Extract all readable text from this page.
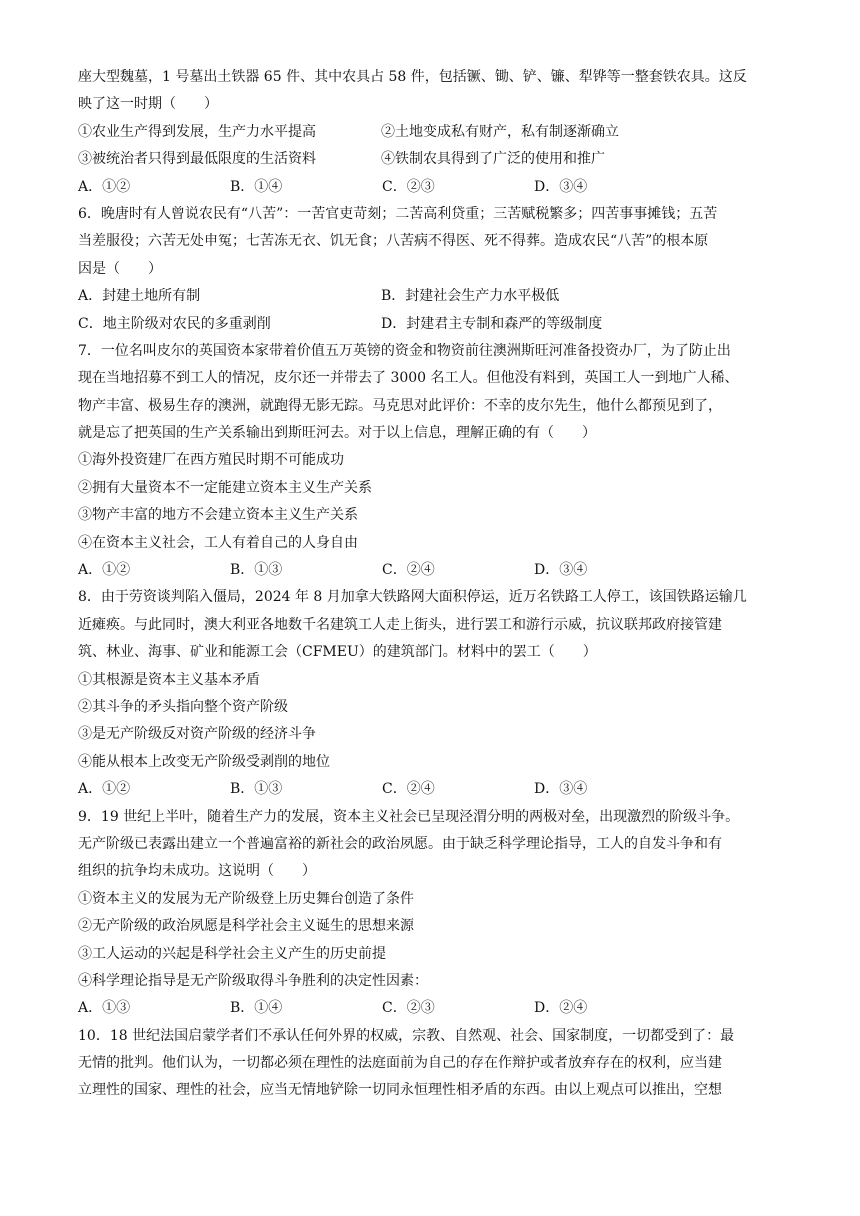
座大型魏墓，1 号墓出土铁器 65 件、其中农具占 58 件，包括镢、锄、铲、镰、犁铧等一整套铁农具。这反
映了这一时期（　　）
①农业生产得到发展，生产力水平提高	②土地变成私有财产，私有制逐渐确立
③被统治者只得到最低限度的生活资料	④铁制农具得到了广泛的使用和推广
A．①②	B．①④	C．②③	D．③④
6．晚唐时有人曾说农民有“八苦”：一苦官吏苛刻；二苦高利贷重；三苦赋税繁多；四苦事事摊钱；五苦
当差服役；六苦无处申冤；七苦冻无衣、饥无食；八苦病不得医、死不得葬。造成农民“八苦”的根本原
因是（　　）
A．封建土地所有制	B．封建社会生产力水平极低
C．地主阶级对农民的多重剥削	D．封建君主专制和森严的等级制度
7．一位名叫皮尔的英国资本家带着价值五万英镑的资金和物资前往澳洲斯旺河准备投资办厂，为了防止出
现在当地招募不到工人的情况，皮尔还一并带去了 3000 名工人。但他没有料到，英国工人一到地广人稀、
物产丰富、极易生存的澳洲，就跑得无影无踪。马克思对此评价：不幸的皮尔先生，他什么都预见到了，
就是忘了把英国的生产关系输出到斯旺河去。对于以上信息，理解正确的有（　　）
①海外投资建厂在西方殖民时期不可能成功
②拥有大量资本不一定能建立资本主义生产关系
③物产丰富的地方不会建立资本主义生产关系
④在资本主义社会，工人有着自己的人身自由
A．①②	B．①③	C．②④	D．③④
8．由于劳资谈判陷入僵局，2024 年 8 月加拿大铁路网大面积停运，近万名铁路工人停工，该国铁路运输几
近瘫痪。与此同时，澳大利亚各地数千名建筑工人走上街头，进行罢工和游行示威，抗议联邦政府接管建
筑、林业、海事、矿业和能源工会（CFMEU）的建筑部门。材料中的罢工（　　）
①其根源是资本主义基本矛盾
②其斗争的矛头指向整个资产阶级
③是无产阶级反对资产阶级的经济斗争
④能从根本上改变无产阶级受剥削的地位
A．①②	B．①③	C．②④	D．③④
9．19 世纪上半叶，随着生产力的发展，资本主义社会已呈现泾渭分明的两极对垒，出现激烈的阶级斗争。
无产阶级已表露出建立一个普遍富裕的新社会的政治夙愿。由于缺乏科学理论指导，工人的自发斗争和有
组织的抗争均未成功。这说明（　　）
①资本主义的发展为无产阶级登上历史舞台创造了条件
②无产阶级的政治夙愿是科学社会主义诞生的思想来源
③工人运动的兴起是科学社会主义产生的历史前提
④科学理论指导是无产阶级取得斗争胜利的决定性因素：
A．①③	B．①④	C．②③	D．②④
10．18 世纪法国启蒙学者们不承认任何外界的权威，宗教、自然观、社会、国家制度，一切都受到了：最
无情的批判。他们认为，一切都必须在理性的法庭面前为自己的存在作辩护或者放弃存在的权利，应当建
立理性的国家、理性的社会，应当无情地铲除一切同永恒理性相矛盾的东西。由以上观点可以推出，空想
